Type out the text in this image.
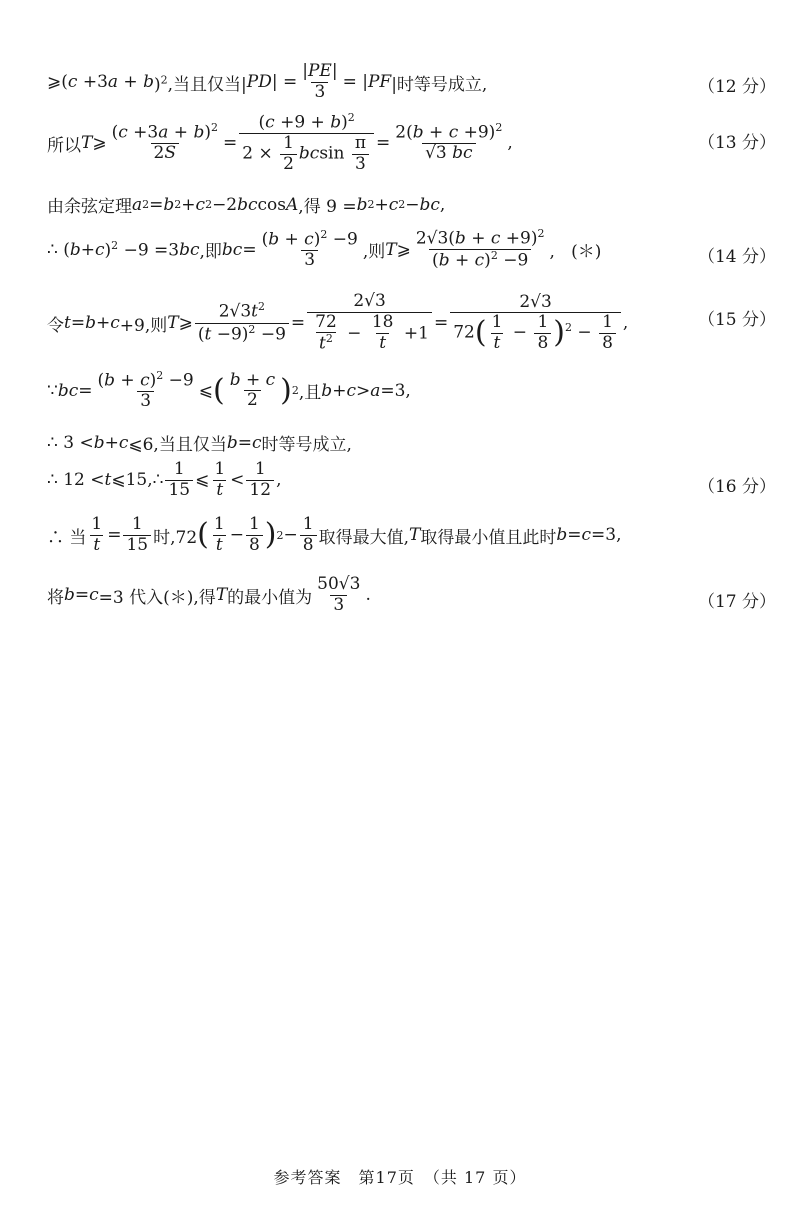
⩾( c +3 a + b )$^2$,当且仅当| PD | = $\frac{|PE|}{3}$ = | PF |时等号成立,	（12 分）
所以 T ⩾ $\frac{(c +3a + b)^2}{2S} = \frac{(c +9 + b)^2}{2 \times \frac{1}{2} bcsin \frac{\pi}{3}} = \frac{2(b + c +9)^2}{√3 bc}$ ,	（13 分）
由余弦定理 a 2 = b 2 + c 2 −2 bc cos A ,得 9 = b 2 + c 2 − bc ,
∴ ( b + c )$^2$ −9 =3 bc ,即 bc = $\frac{(b + c)^2 -9}{3}$ ,则 T ⩾ $\frac{2√3(b + c +9)^2}{(b + c)^2 -9}$ ,   (＊)	（14 分）
令 t = b + c +9,则 T ⩾ $\frac{2√3t^2}{(t -9)^2 -9} = \frac{2√3}{\frac{72}{t^2} - \frac{18}{t} +1} = \frac{2√3}{72( \frac{1}{t} - \frac{1}{8} )^2 - \frac{1}{8}}$ ,	（15 分）
∵ bc = $\frac{(b + c)^2 -9}{3}$ ⩽ ( $\frac{b + c}{2}$ ) 2 ,且 b + c > a =3,
∴ 3 < b + c ⩽6,当且仅当 b = c 时等号成立,
∴ 12 < t ⩽15,∴ $\frac{1}{15}$ ⩽ $\frac{1}{t} < \frac{1}{12}$ ,	（16 分）
∴ 当 $\frac{1}{t} = \frac{1}{15}$ 时,72 ( $\frac{1}{t} - \frac{1}{8}$ ) $2 - \frac{1}{8}$ 取得最大值, T 取得最小值且此时 b = c =3,
将 b = c =3 代入(＊),得 T 的最小值为 $\frac{50√3}{3}$ .	（17 分）
参考答案　第17页　（共 17 页）
